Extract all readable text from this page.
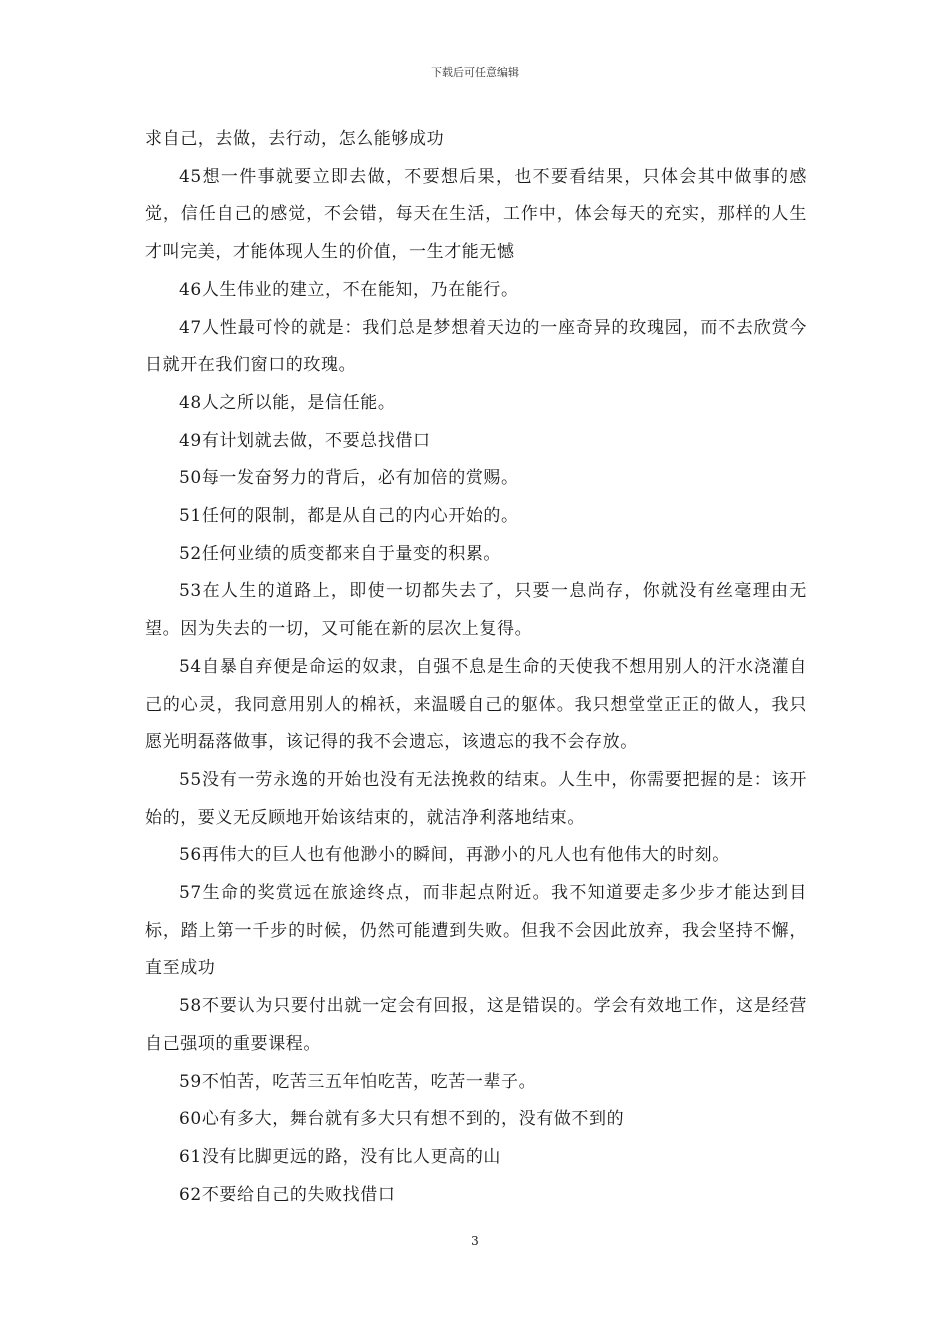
下载后可任意编辑

求自己，去做，去行动，怎么能够成功

45想一件事就要立即去做，不要想后果，也不要看结果，只体会其中做事的感觉，信任自己的感觉，不会错，每天在生活，工作中，体会每天的充实，那样的人生才叫完美，才能体现人生的价值，一生才能无憾

46人生伟业的建立，不在能知，乃在能行。

47人性最可怜的就是：我们总是梦想着天边的一座奇异的玫瑰园，而不去欣赏今日就开在我们窗口的玫瑰。

48人之所以能，是信任能。

49有计划就去做，不要总找借口

50每一发奋努力的背后，必有加倍的赏赐。

51任何的限制，都是从自己的内心开始的。

52任何业绩的质变都来自于量变的积累。

53在人生的道路上，即使一切都失去了，只要一息尚存，你就没有丝毫理由无望。因为失去的一切，又可能在新的层次上复得。

54自暴自弃便是命运的奴隶，自强不息是生命的天使我不想用别人的汗水浇灌自己的心灵，我同意用别人的棉袄，来温暖自己的躯体。我只想堂堂正正的做人，我只愿光明磊落做事，该记得的我不会遗忘，该遗忘的我不会存放。

55没有一劳永逸的开始也没有无法挽救的结束。人生中，你需要把握的是：该开始的，要义无反顾地开始该结束的，就洁净利落地结束。

56再伟大的巨人也有他渺小的瞬间，再渺小的凡人也有他伟大的时刻。

57生命的奖赏远在旅途终点，而非起点附近。我不知道要走多少步才能达到目标，踏上第一千步的时候，仍然可能遭到失败。但我不会因此放弃，我会坚持不懈，直至成功

58不要认为只要付出就一定会有回报，这是错误的。学会有效地工作，这是经营自己强项的重要课程。

59不怕苦，吃苦三五年怕吃苦，吃苦一辈子。

60心有多大，舞台就有多大只有想不到的，没有做不到的

61没有比脚更远的路，没有比人更高的山

62不要给自己的失败找借口

3
